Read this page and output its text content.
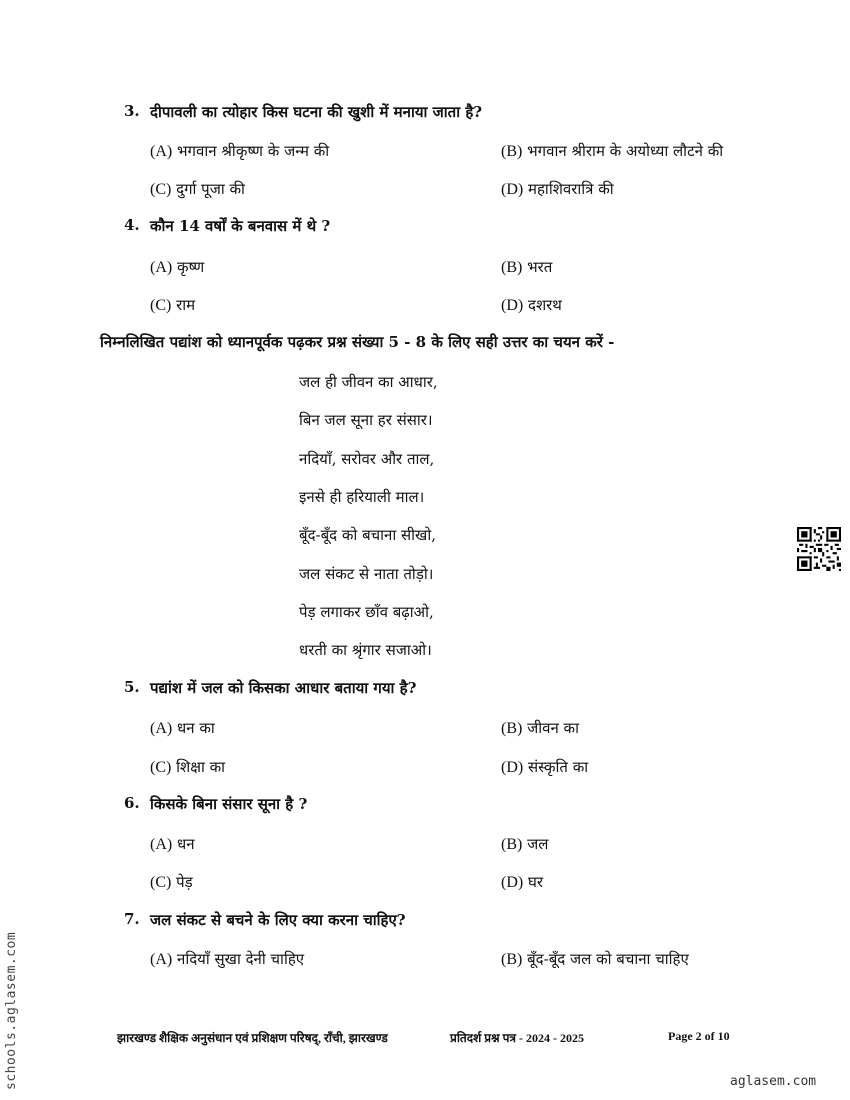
3. दीपावली का त्योहार किस घटना की खुशी में मनाया जाता है?
(A) भगवान श्रीकृष्ण के जन्म की	(B) भगवान श्रीराम के अयोध्या लौटने की
(C) दुर्गा पूजा की	(D) महाशिवरात्रि की
4. कौन 14 वर्षों के बनवास में थे ?
(A) कृष्ण	(B) भरत
(C) राम	(D) दशरथ
निम्नलिखित पद्यांश को ध्यानपूर्वक पढ़कर प्रश्न संख्या 5 - 8 के लिए सही उत्तर का चयन करें -
जल ही जीवन का आधार,
बिन जल सूना हर संसार।
नदियाँ, सरोवर और ताल,
इनसे ही हरियाली माल।
बूँद-बूँद को बचाना सीखो,
जल संकट से नाता तोड़ो।
पेड़ लगाकर छाँव बढ़ाओ,
धरती का श्रृंगार सजाओ।
5. पद्यांश में जल को किसका आधार बताया गया है?
(A) धन का	(B) जीवन का
(C) शिक्षा का	(D) संस्कृति का
6. किसके बिना संसार सूना है ?
(A) धन	(B) जल
(C) पेड़	(D) घर
7. जल संकट से बचने के लिए क्या करना चाहिए?
(A) नदियाँ सुखा देनी चाहिए	(B) बूँद-बूँद जल को बचाना चाहिए
झारखण्ड शैक्षिक अनुसंधान एवं प्रशिक्षण परिषद्, राँची, झारखण्ड	प्रतिदर्श प्रश्न पत्र - 2024 - 2025	Page 2 of 10
schools.aglasem.com	aglasem.com
